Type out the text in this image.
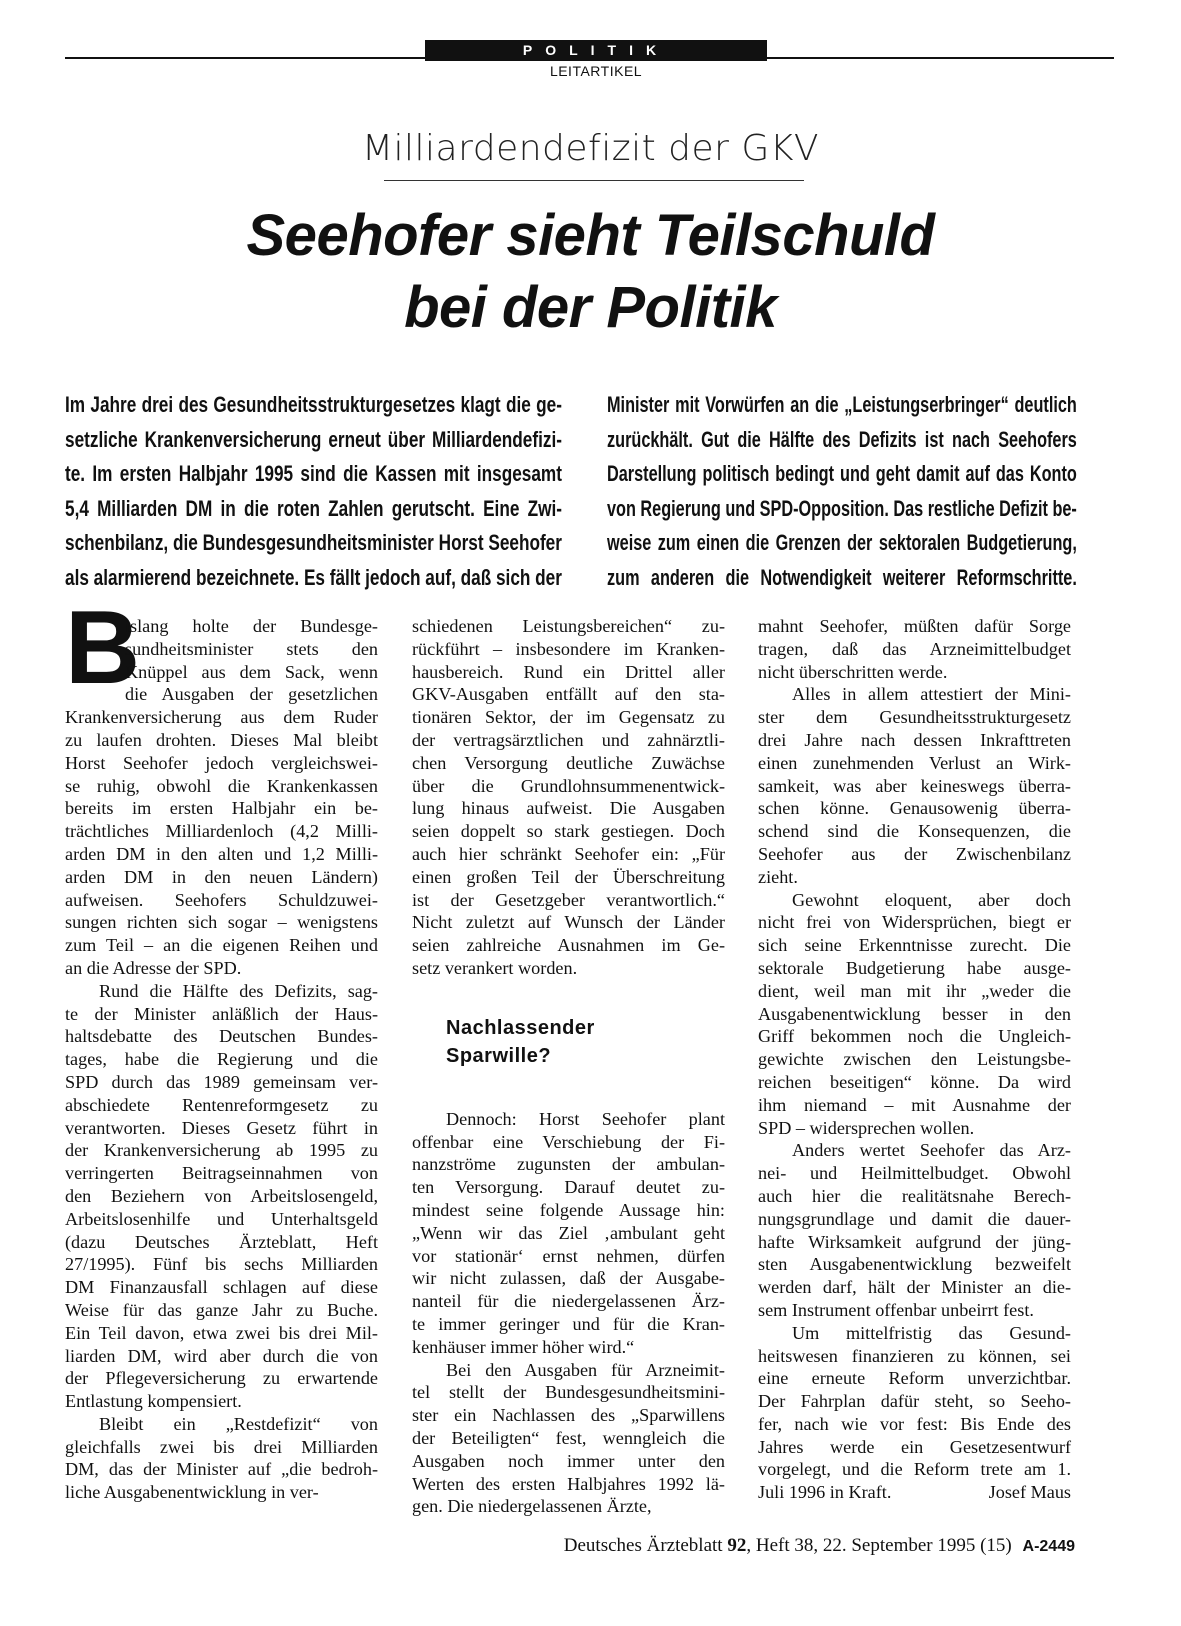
POLITIK
LEITARTIKEL
Milliardendefizit der GKV
Seehofer sieht Teilschuld
bei der Politik
Im Jahre drei des Gesundheitsstrukturgesetzes klagt die ge-
setzliche Krankenversicherung erneut über Milliardendefizi-
te. Im ersten Halbjahr 1995 sind die Kassen mit insgesamt
5,4 Milliarden DM in die roten Zahlen gerutscht. Eine Zwi-
schenbilanz, die Bundesgesundheitsminister Horst Seehofer
als alarmierend bezeichnete. Es fällt jedoch auf, daß sich der
Minister mit Vorwürfen an die „Leistungserbringer“ deutlich
zurückhält. Gut die Hälfte des Defizits ist nach Seehofers
Darstellung politisch bedingt und geht damit auf das Konto
von Regierung und SPD-Opposition. Das restliche Defizit be-
weise zum einen die Grenzen der sektoralen Budgetierung,
zum anderen die Notwendigkeit weiterer Reformschritte.
B
islang holte der Bundesge-
sundheitsminister stets den
Knüppel aus dem Sack, wenn
die Ausgaben der gesetzlichen
Krankenversicherung aus dem Ruder
zu laufen drohten. Dieses Mal bleibt
Horst Seehofer jedoch vergleichswei-
se ruhig, obwohl die Krankenkassen
bereits im ersten Halbjahr ein be-
trächtliches Milliardenloch (4,2 Milli-
arden DM in den alten und 1,2 Milli-
arden DM in den neuen Ländern)
aufweisen. Seehofers Schuldzuwei-
sungen richten sich sogar – wenigstens
zum Teil – an die eigenen Reihen und
an die Adresse der SPD.
Rund die Hälfte des Defizits, sag-
te der Minister anläßlich der Haus-
haltsdebatte des Deutschen Bundes-
tages, habe die Regierung und die
SPD durch das 1989 gemeinsam ver-
abschiedete Rentenreformgesetz zu
verantworten. Dieses Gesetz führt in
der Krankenversicherung ab 1995 zu
verringerten Beitragseinnahmen von
den Beziehern von Arbeitslosengeld,
Arbeitslosenhilfe und Unterhaltsgeld
(dazu Deutsches Ärzteblatt, Heft
27/1995). Fünf bis sechs Milliarden
DM Finanzausfall schlagen auf diese
Weise für das ganze Jahr zu Buche.
Ein Teil davon, etwa zwei bis drei Mil-
liarden DM, wird aber durch die von
der Pflegeversicherung zu erwartende
Entlastung kompensiert.
Bleibt ein „Restdefizit“ von
gleichfalls zwei bis drei Milliarden
DM, das der Minister auf „die bedroh-
liche Ausgabenentwicklung in ver-
schiedenen Leistungsbereichen“ zu-
rückführt – insbesondere im Kranken-
hausbereich. Rund ein Drittel aller
GKV-Ausgaben entfällt auf den sta-
tionären Sektor, der im Gegensatz zu
der vertragsärztlichen und zahnärztli-
chen Versorgung deutliche Zuwächse
über die Grundlohnsummenentwick-
lung hinaus aufweist. Die Ausgaben
seien doppelt so stark gestiegen. Doch
auch hier schränkt Seehofer ein: „Für
einen großen Teil der Überschreitung
ist der Gesetzgeber verantwortlich.“
Nicht zuletzt auf Wunsch der Länder
seien zahlreiche Ausnahmen im Ge-
setz verankert worden.
Nachlassender
Sparwille?
Dennoch: Horst Seehofer plant
offenbar eine Verschiebung der Fi-
nanzströme zugunsten der ambulan-
ten Versorgung. Darauf deutet zu-
mindest seine folgende Aussage hin:
„Wenn wir das Ziel ‚ambulant geht
vor stationär‘ ernst nehmen, dürfen
wir nicht zulassen, daß der Ausgabe-
nanteil für die niedergelassenen Ärz-
te immer geringer und für die Kran-
kenhäuser immer höher wird.“
Bei den Ausgaben für Arzneimit-
tel stellt der Bundesgesundheitsmini-
ster ein Nachlassen des „Sparwillens
der Beteiligten“ fest, wenngleich die
Ausgaben noch immer unter den
Werten des ersten Halbjahres 1992 lä-
gen. Die niedergelassenen Ärzte,
mahnt Seehofer, müßten dafür Sorge
tragen, daß das Arzneimittelbudget
nicht überschritten werde.
Alles in allem attestiert der Mini-
ster dem Gesundheitsstrukturgesetz
drei Jahre nach dessen Inkrafttreten
einen zunehmenden Verlust an Wirk-
samkeit, was aber keineswegs überra-
schen könne. Genausowenig überra-
schend sind die Konsequenzen, die
Seehofer aus der Zwischenbilanz
zieht.
Gewohnt eloquent, aber doch
nicht frei von Widersprüchen, biegt er
sich seine Erkenntnisse zurecht. Die
sektorale Budgetierung habe ausge-
dient, weil man mit ihr „weder die
Ausgabenentwicklung besser in den
Griff bekommen noch die Ungleich-
gewichte zwischen den Leistungsbe-
reichen beseitigen“ könne. Da wird
ihm niemand – mit Ausnahme der
SPD – widersprechen wollen.
Anders wertet Seehofer das Arz-
nei- und Heilmittelbudget. Obwohl
auch hier die realitätsnahe Berech-
nungsgrundlage und damit die dauer-
hafte Wirksamkeit aufgrund der jüng-
sten Ausgabenentwicklung bezweifelt
werden darf, hält der Minister an die-
sem Instrument offenbar unbeirrt fest.
Um mittelfristig das Gesund-
heitswesen finanzieren zu können, sei
eine erneute Reform unverzichtbar.
Der Fahrplan dafür steht, so Seeho-
fer, nach wie vor fest: Bis Ende des
Jahres werde ein Gesetzesentwurf
vorgelegt, und die Reform trete am 1.
Juli 1996 in Kraft.	Josef Maus
Deutsches Ärzteblatt 92, Heft 38, 22. September 1995 (15) A-2449
